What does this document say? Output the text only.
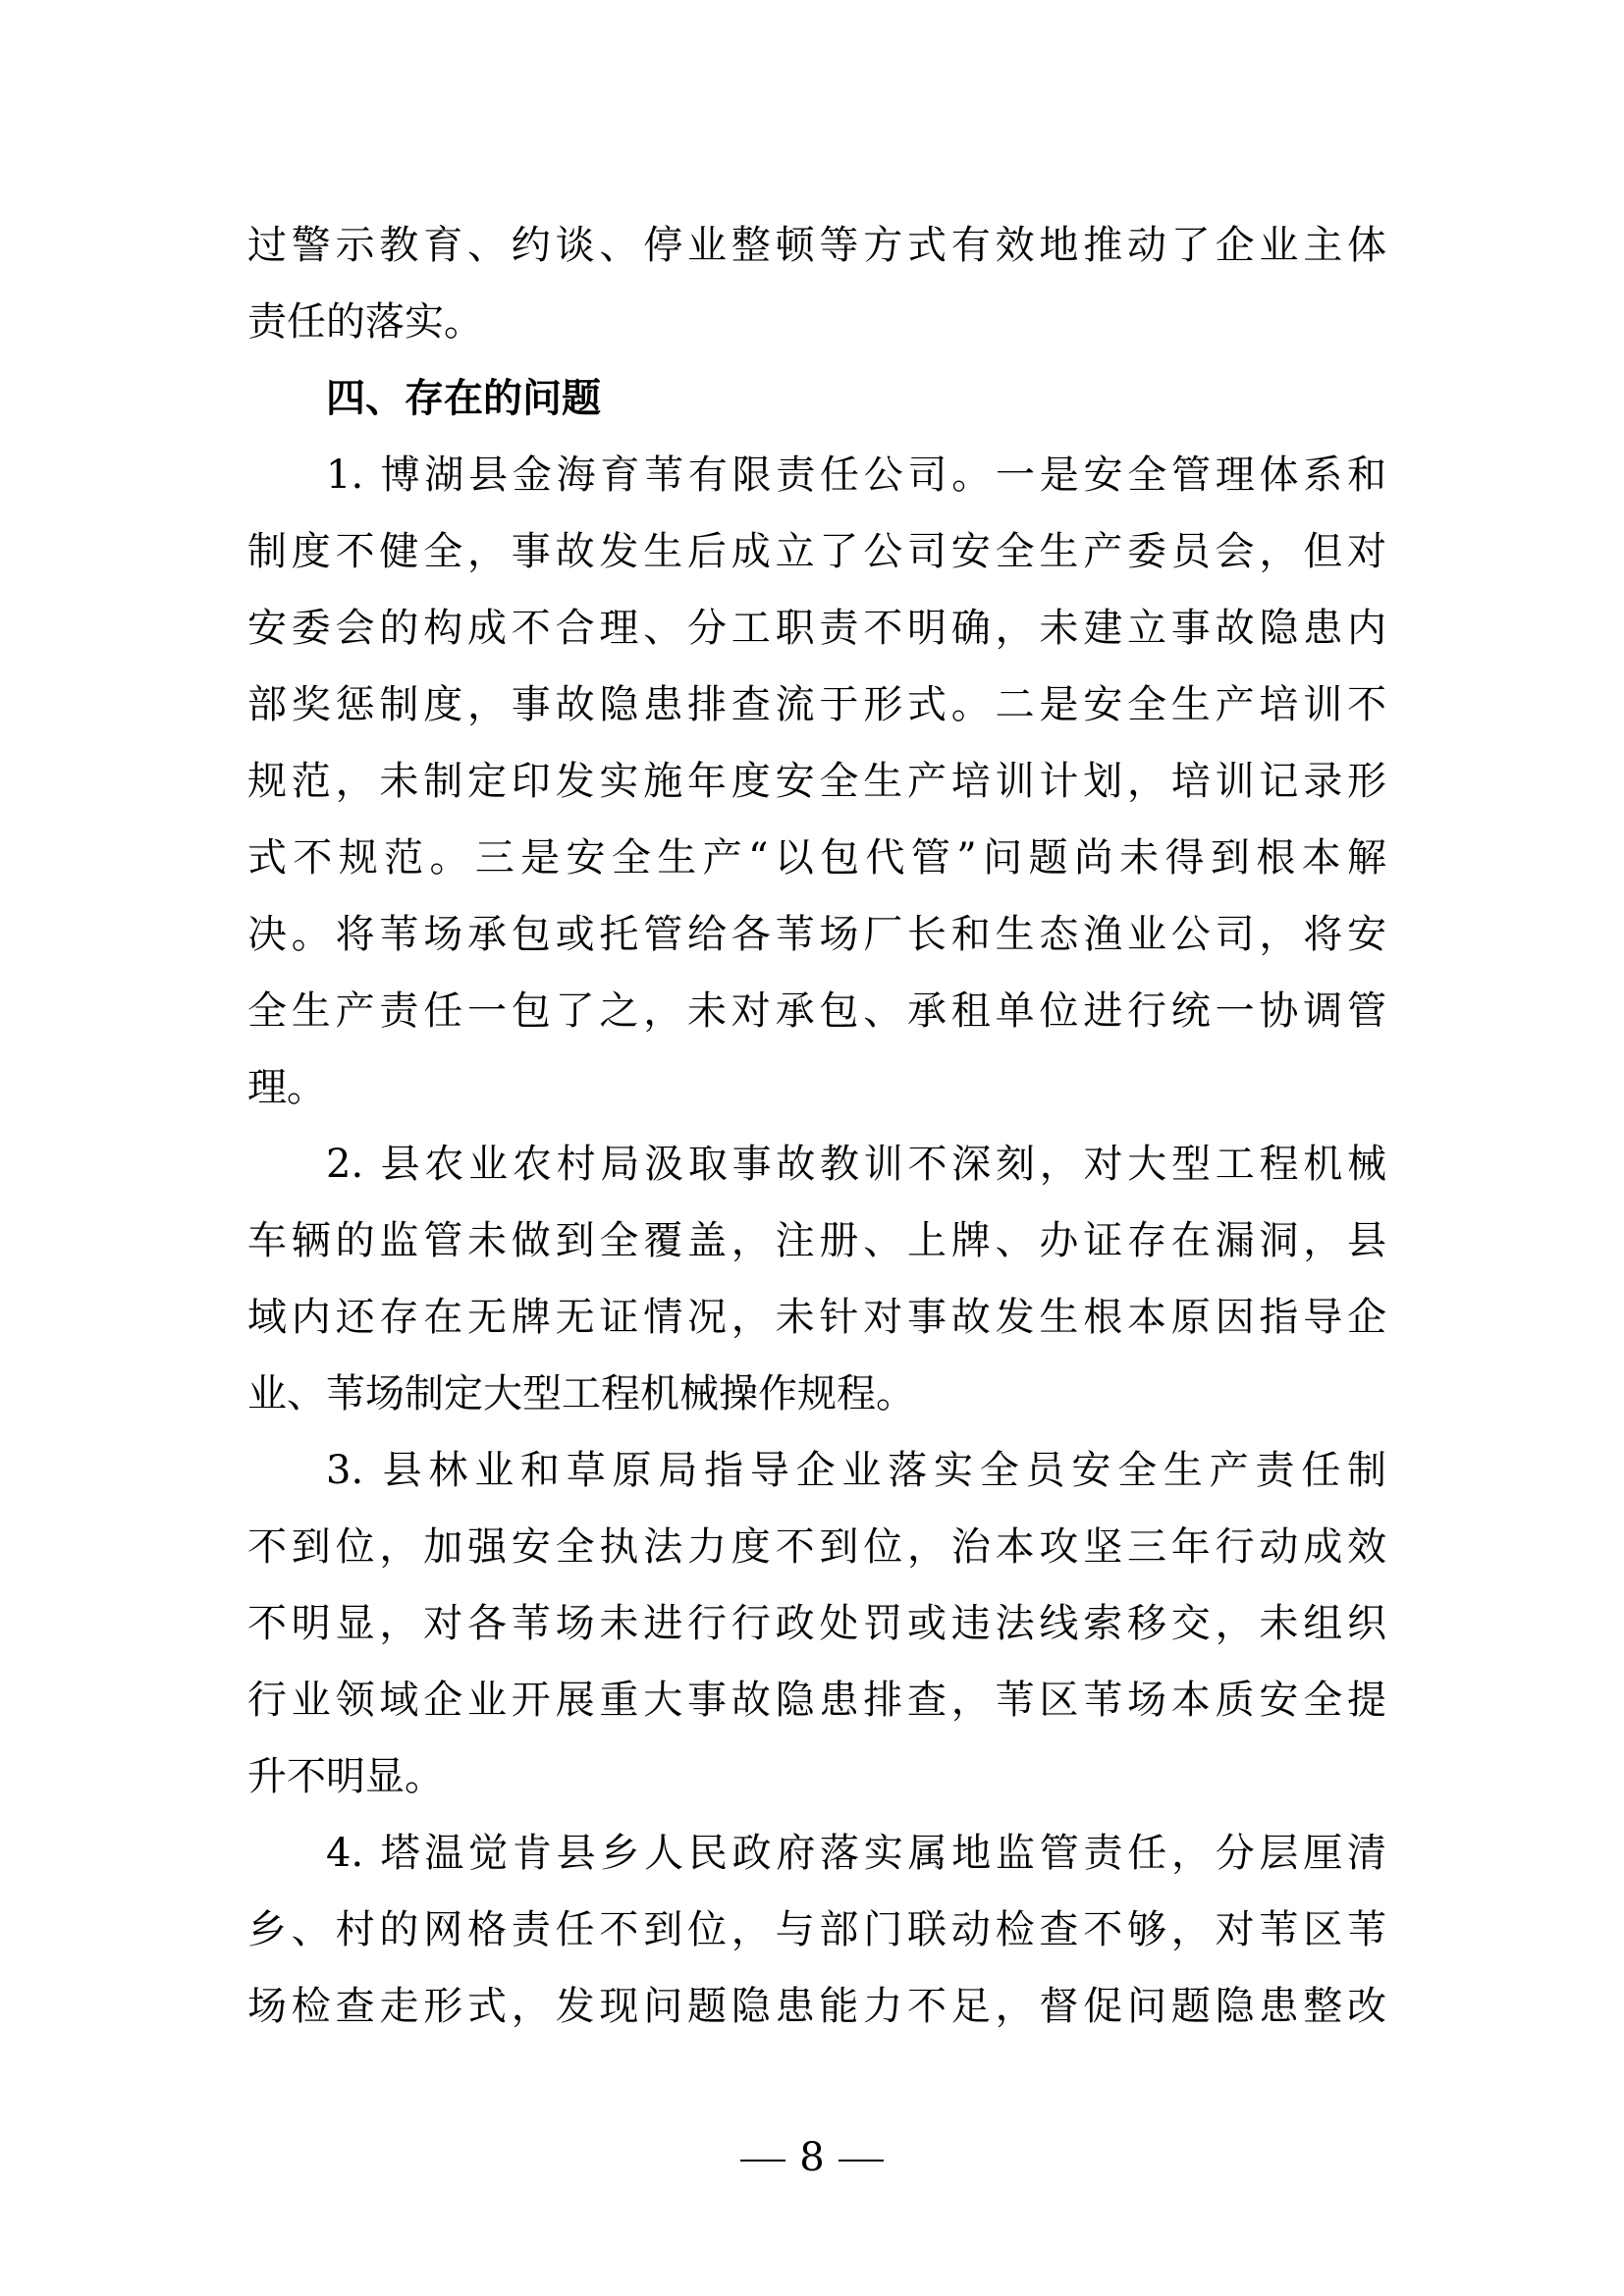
过警示教育、约谈、停业整顿等方式有效地推动了企业主体
责任的落实。
四、存在的问题
1. 博湖县金海育苇有限责任公司。一是安全管理体系和
制度不健全，事故发生后成立了公司安全生产委员会，但对
安委会的构成不合理、分工职责不明确，未建立事故隐患内
部奖惩制度，事故隐患排查流于形式。二是安全生产培训不
规范，未制定印发实施年度安全生产培训计划，培训记录形
式不规范。三是安全生产“以包代管”问题尚未得到根本解
决。将苇场承包或托管给各苇场厂长和生态渔业公司，将安
全生产责任一包了之，未对承包、承租单位进行统一协调管
理。
2. 县农业农村局汲取事故教训不深刻，对大型工程机械
车辆的监管未做到全覆盖，注册、上牌、办证存在漏洞，县
域内还存在无牌无证情况，未针对事故发生根本原因指导企
业、苇场制定大型工程机械操作规程。
3. 县林业和草原局指导企业落实全员安全生产责任制
不到位，加强安全执法力度不到位，治本攻坚三年行动成效
不明显，对各苇场未进行行政处罚或违法线索移交，未组织
行业领域企业开展重大事故隐患排查，苇区苇场本质安全提
升不明显。
4. 塔温觉肯县乡人民政府落实属地监管责任，分层厘清
乡、村的网格责任不到位，与部门联动检查不够，对苇区苇
场检查走形式，发现问题隐患能力不足，督促问题隐患整改
8
